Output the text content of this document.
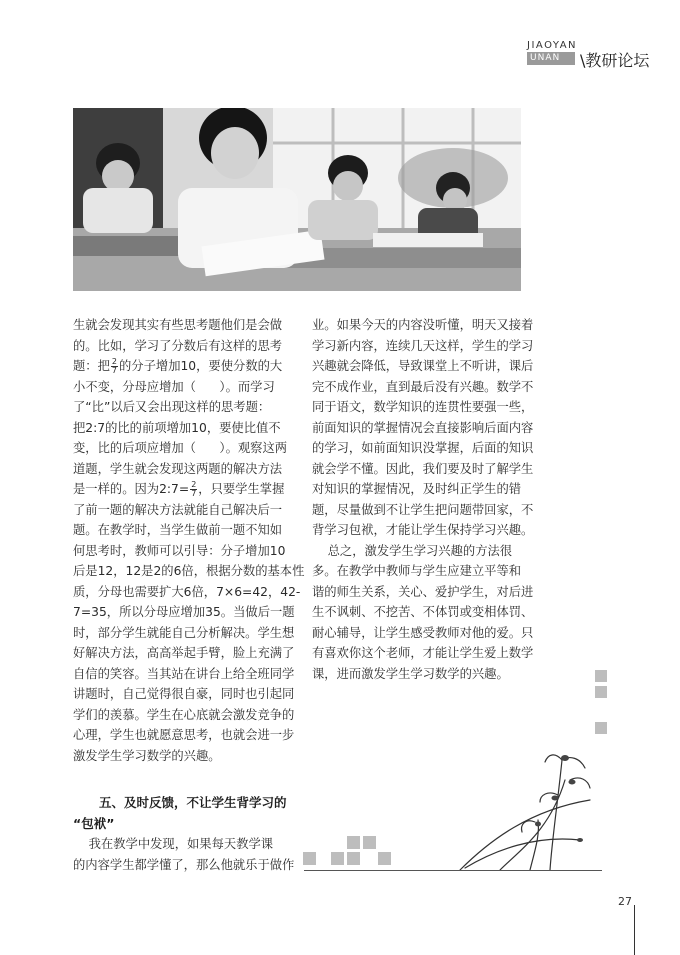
JIAOYAN
UNAN \教研论坛

生就会发现其实有些思考题他们是会做

的。比如，学习了分数后有这样的思考

题：把 $\frac{2}{7}$ 的分子增加10，要使分数的大

小不变，分母应增加（      ）。而学习

了“比”以后又会出现这样的思考题：

把2:7的比的前项增加10，要使比值不

变，比的后项应增加（      ）。观察这两

道题，学生就会发现这两题的解决方法

是一样的。因为2:7= $\frac{2}{7}$ ，只要学生掌握

了前一题的解决方法就能自己解决后一

题。在教学时，当学生做前一题不知如

何思考时，教师可以引导：分子增加10

后是12，12是2的6倍，根据分数的基本性

质，分母也需要扩大6倍，7×6=42，42-

7=35，所以分母应增加35。当做后一题

时，部分学生就能自己分析解决。学生想

好解决方法，高高举起手臂，脸上充满了

自信的笑容。当其站在讲台上给全班同学

讲题时，自己觉得很自豪，同时也引起同

学们的羡慕。学生在心底就会激发竞争的

心理，学生也就愿意思考，也就会进一步

激发学生学习数学的兴趣。

五、及时反馈，不让学生背学习的

“包袱”

我在教学中发现，如果每天教学课

的内容学生都学懂了，那么他就乐于做作

业。如果今天的内容没听懂，明天又接着

学习新内容，连续几天这样，学生的学习

兴趣就会降低，导致课堂上不听讲，课后

完不成作业，直到最后没有兴趣。数学不

同于语文，数学知识的连贯性要强一些，

前面知识的掌握情况会直接影响后面内容

的学习，如前面知识没掌握，后面的知识

就会学不懂。因此，我们要及时了解学生

对知识的掌握情况，及时纠正学生的错

题，尽量做到不让学生把问题带回家，不

背学习包袱，才能让学生保持学习兴趣。

总之，激发学生学习兴趣的方法很

多。在教学中教师与学生应建立平等和

谐的师生关系，关心、爱护学生，对后进

生不讽刺、不挖苦、不体罚或变相体罚、

耐心辅导，让学生感受教师对他的爱。只

有喜欢你这个老师，才能让学生爱上数学

课，进而激发学生学习数学的兴趣。

27
